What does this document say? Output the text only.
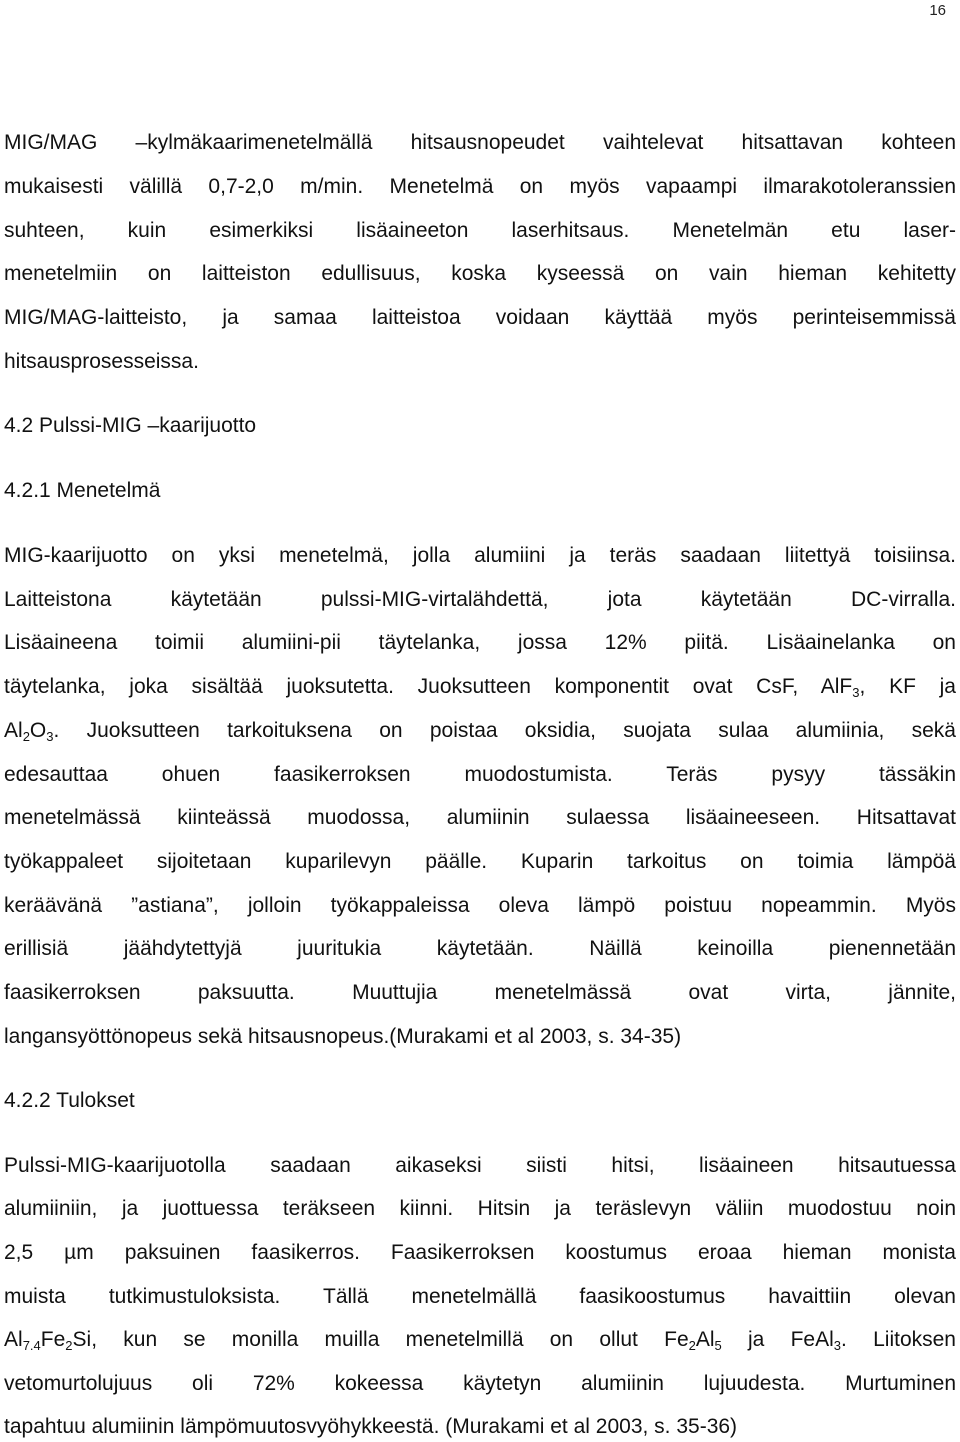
16
MIG/MAG –kylmäkaarimenetelmällä hitsausnopeudet vaihtelevat hitsattavan kohteen
mukaisesti välillä 0,7-2,0 m/min. Menetelmä on myös vapaampi ilmarakotoleranssien
suhteen, kuin esimerkiksi lisäaineeton laserhitsaus. Menetelmän etu laser-
menetelmiin on laitteiston edullisuus, koska kyseessä on vain hieman kehitetty
MIG/MAG-laitteisto, ja samaa laitteistoa voidaan käyttää myös perinteisemmissä
hitsausprosesseissa.
4.2 Pulssi-MIG –kaarijuotto
4.2.1 Menetelmä
MIG-kaarijuotto on yksi menetelmä, jolla alumiini ja teräs saadaan liitettyä toisiinsa.
Laitteistona käytetään pulssi-MIG-virtalähdettä, jota käytetään DC-virralla.
Lisäaineena toimii alumiini-pii täytelanka, jossa 12% piitä. Lisäainelanka on
täytelanka, joka sisältää juoksutetta. Juoksutteen komponentit ovat CsF, AlF$_3$, KF ja
$Al_2O_3$. Juoksutteen tarkoituksena on poistaa oksidia, suojata sulaa alumiinia, sekä
edesauttaa ohuen faasikerroksen muodostumista. Teräs pysyy tässäkin
menetelmässä kiinteässä muodossa, alumiinin sulaessa lisäaineeseen. Hitsattavat
työkappaleet sijoitetaan kuparilevyn päälle. Kuparin tarkoitus on toimia lämpöä
keräävänä ”astiana”, jolloin työkappaleissa oleva lämpö poistuu nopeammin. Myös
erillisiä jäähdytettyjä juuritukia käytetään. Näillä keinoilla pienennetään
faasikerroksen paksuutta. Muuttujia menetelmässä ovat virta, jännite,
langansyöttönopeus sekä hitsausnopeus.(Murakami et al 2003, s. 34-35)
4.2.2 Tulokset
Pulssi-MIG-kaarijuotolla saadaan aikaseksi siisti hitsi, lisäaineen hitsautuessa
alumiiniin, ja juottuessa teräkseen kiinni. Hitsin ja teräslevyn väliin muodostuu noin
2,5 µm paksuinen faasikerros. Faasikerroksen koostumus eroaa hieman monista
muista tutkimustuloksista. Tällä menetelmällä faasikoostumus havaittiin olevan
$Al_{7.4}Fe_2Si$, kun se monilla muilla menetelmillä on ollut $Fe_2Al_5$ ja FeAl$_3$. Liitoksen
vetomurtolujuus oli 72% kokeessa käytetyn alumiinin lujuudesta. Murtuminen
tapahtuu alumiinin lämpömuutosvyöhykkeestä. (Murakami et al 2003, s. 35-36)
